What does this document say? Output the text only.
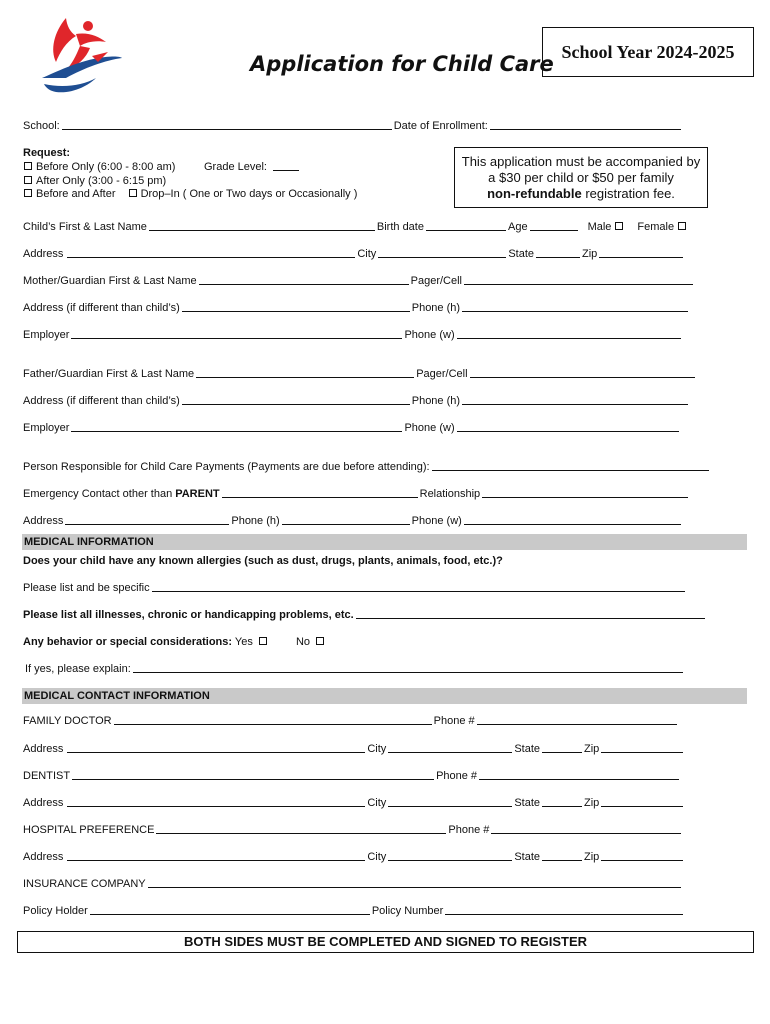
Application for Child Care School Year 2024-2025
School:	Date of Enrollment:
Request:
Before Only (6:00 - 8:00 am)	Grade Level:
After Only (3:00 - 6:15 pm)
Before and After Drop–In ( One or Two days or Occasionally )
This application must be accompanied by
a $30 per child or $50 per family
non-refundable registration fee.
Child’s First & Last Name	Birth date	Age	Male Female
Address	City	State	Zip
Mother/Guardian First & Last Name	Pager/Cell
Address (if different than child’s)	Phone (h)
Employer	Phone (w)
Father/Guardian First & Last Name	Pager/Cell
Address (if different than child’s)	Phone (h)
Employer	Phone (w)
Person Responsible for Child Care Payments (Payments are due before attending):
Emergency Contact other than PARENT	Relationship
Address	Phone (h)	Phone (w)
MEDICAL INFORMATION
Does your child have any known allergies (such as dust, drugs, plants, animals, food, etc.)?
Please list and be specific
Please list all illnesses, chronic or handicapping problems, etc.
Any behavior or special considerations: Yes	No
If yes, please explain:
MEDICAL CONTACT INFORMATION
FAMILY DOCTOR	Phone #
Address	City	State	Zip
DENTIST	Phone #
Address	City	State	Zip
HOSPITAL PREFERENCE	Phone #
Address	City	State	Zip
INSURANCE COMPANY
Policy Holder	Policy Number
BOTH SIDES MUST BE COMPLETED AND SIGNED TO REGISTER
